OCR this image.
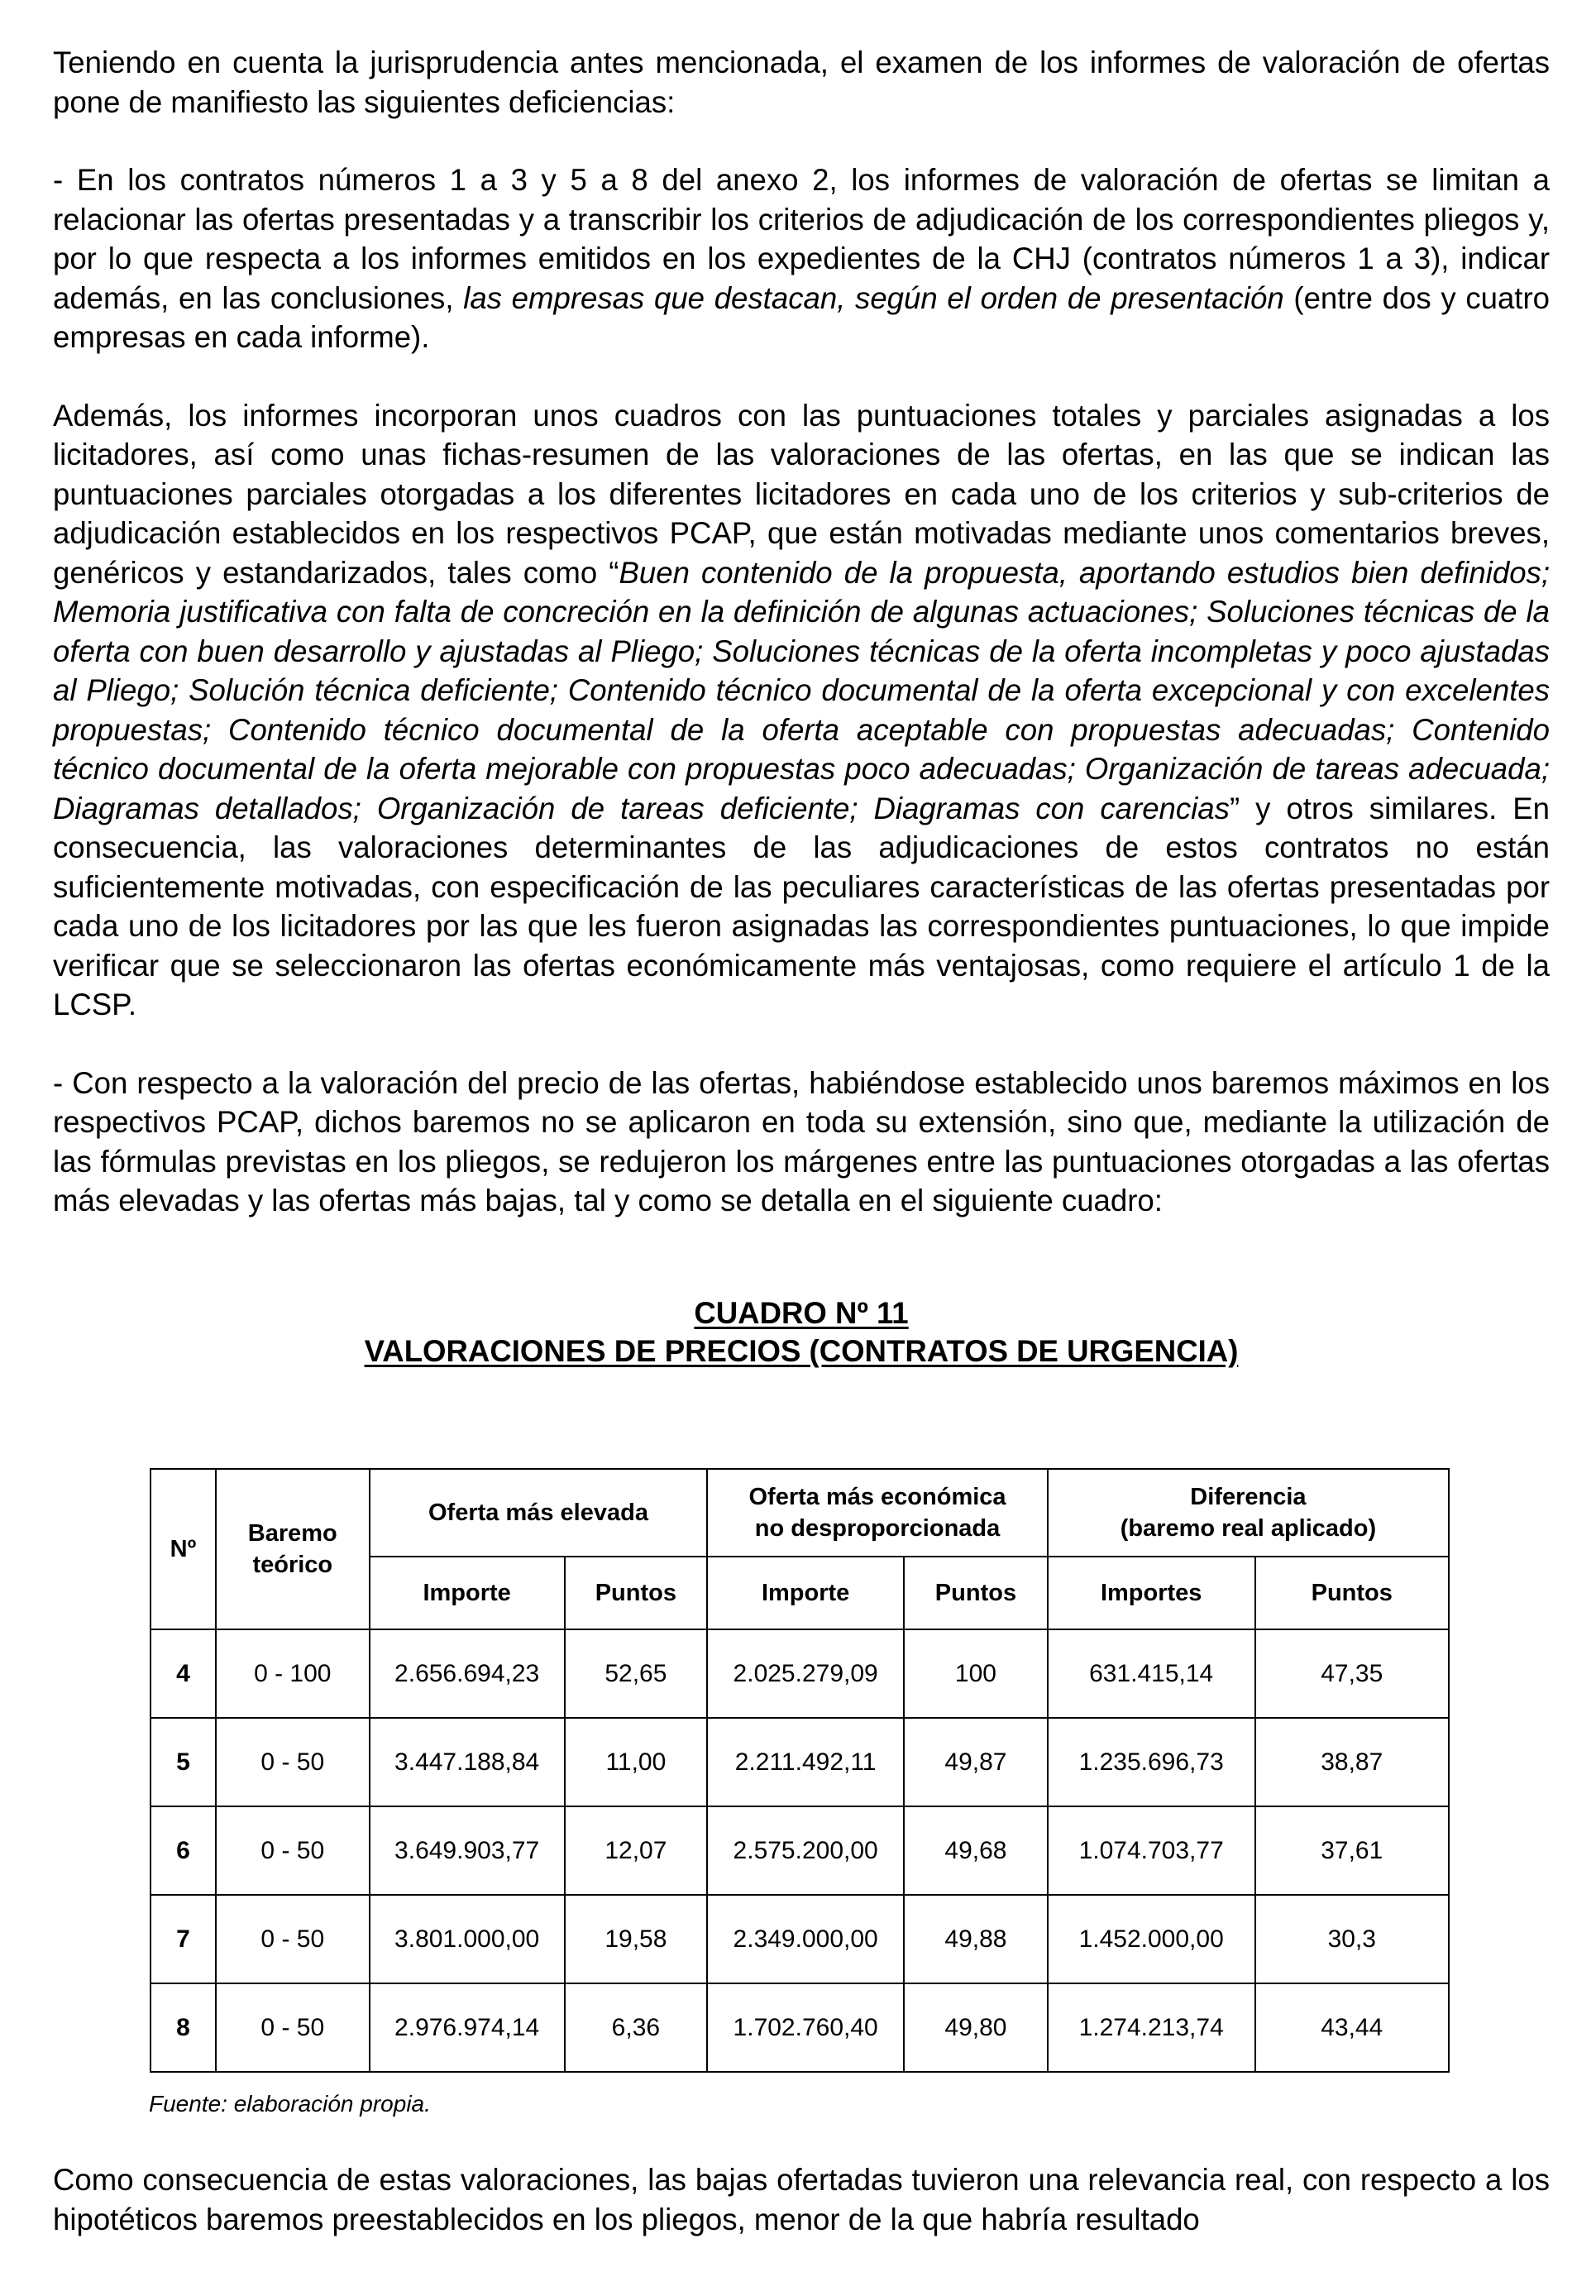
Teniendo en cuenta la jurisprudencia antes mencionada, el examen de los informes de valoración de ofertas pone de manifiesto las siguientes deficiencias:

- En los contratos números 1 a 3 y 5 a 8 del anexo 2, los informes de valoración de ofertas se limitan a relacionar las ofertas presentadas y a transcribir los criterios de adjudicación de los correspondientes pliegos y, por lo que respecta a los informes emitidos en los expedientes de la CHJ (contratos números 1 a 3), indicar además, en las conclusiones, las empresas que destacan, según el orden de presentación (entre dos y cuatro empresas en cada informe).

Además, los informes incorporan unos cuadros con las puntuaciones totales y parciales asignadas a los licitadores, así como unas fichas-resumen de las valoraciones de las ofertas, en las que se indican las puntuaciones parciales otorgadas a los diferentes licitadores en cada uno de los criterios y sub-criterios de adjudicación establecidos en los respectivos PCAP, que están motivadas mediante unos comentarios breves, genéricos y estandarizados, tales como “Buen contenido de la propuesta, aportando estudios bien definidos; Memoria justificativa con falta de concreción en la definición de algunas actuaciones; Soluciones técnicas de la oferta con buen desarrollo y ajustadas al Pliego; Soluciones técnicas de la oferta incompletas y poco ajustadas al Pliego; Solución técnica deficiente; Contenido técnico documental de la oferta excepcional y con excelentes propuestas; Contenido técnico documental de la oferta aceptable con propuestas adecuadas; Contenido técnico documental de la oferta mejorable con propuestas poco adecuadas; Organización de tareas adecuada; Diagramas detallados; Organización de tareas deficiente; Diagramas con carencias” y otros similares. En consecuencia, las valoraciones determinantes de las adjudicaciones de estos contratos no están suficientemente motivadas, con especificación de las peculiares características de las ofertas presentadas por cada uno de los licitadores por las que les fueron asignadas las correspondientes puntuaciones, lo que impide verificar que se seleccionaron las ofertas económicamente más ventajosas, como requiere el artículo 1 de la LCSP.

- Con respecto a la valoración del precio de las ofertas, habiéndose establecido unos baremos máximos en los respectivos PCAP, dichos baremos no se aplicaron en toda su extensión, sino que, mediante la utilización de las fórmulas previstas en los pliegos, se redujeron los márgenes entre las puntuaciones otorgadas a las ofertas más elevadas y las ofertas más bajas, tal y como se detalla en el siguiente cuadro:

CUADRO Nº 11
VALORACIONES DE PRECIOS (CONTRATOS DE URGENCIA)
Nº	Baremo teórico	Oferta más elevada		Oferta más económica no desproporcionada		Diferencia
(baremo real aplicado)	

		Importe	Puntos	Importe	Puntos	Importes	Puntos
4	0 - 100	2.656.694,23	52,65	2.025.279,09	100	631.415,14	47,35
5	0 - 50	3.447.188,84	11,00	2.211.492,11	49,87	1.235.696,73	38,87
6	0 - 50	3.649.903,77	12,07	2.575.200,00	49,68	1.074.703,77	37,61
7	0 - 50	3.801.000,00	19,58	2.349.000,00	49,88	1.452.000,00	30,3
8	0 - 50	2.976.974,14	6,36	1.702.760,40	49,80	1.274.213,74	43,44
Fuente: elaboración propia.

Como consecuencia de estas valoraciones, las bajas ofertadas tuvieron una relevancia real, con respecto a los hipotéticos baremos preestablecidos en los pliegos, menor de la que habría resultado
